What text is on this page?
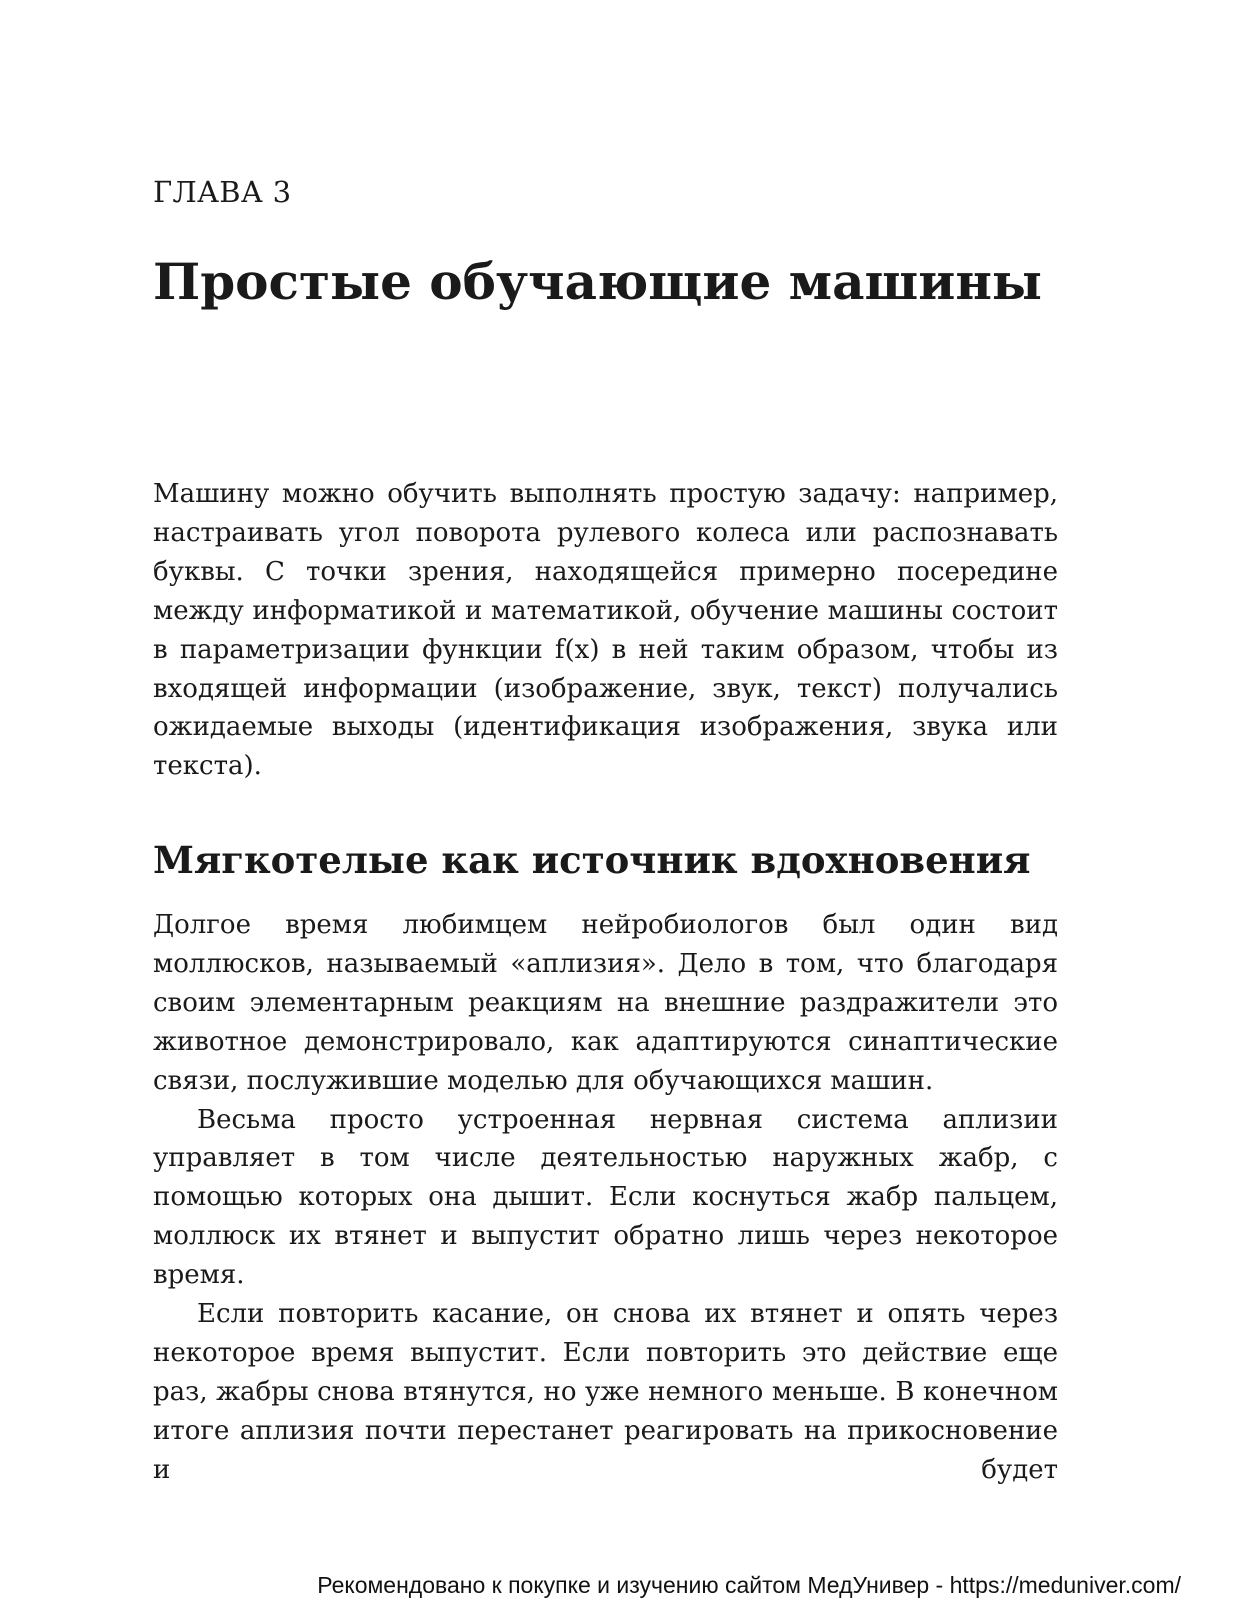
ГЛАВА 3
Простые обучающие машины

Машину можно обучить выполнять простую задачу: например, настраивать угол поворота рулевого колеса или распознавать буквы. С точки зрения, находящейся примерно посередине между информатикой и математикой, обучение машины состоит в параметризации функции f(x) в ней таким образом, чтобы из входящей информации (изображение, звук, текст) получались ожидаемые выходы (идентификация изображения, звука или текста).

Мягкотелые как источник вдохновения

Долгое время любимцем нейробиологов был один вид моллюсков, называемый «аплизия». Дело в том, что благодаря своим элементарным реакциям на внешние раздражители это животное демонстрировало, как адаптируются синаптические связи, послужившие моделью для обучающихся машин.

Весьма просто устроенная нервная система аплизии управляет в том числе деятельностью наружных жабр, с помощью которых она дышит. Если коснуться жабр пальцем, моллюск их втянет и выпустит обратно лишь через некоторое время.

Если повторить касание, он снова их втянет и опять через некоторое время выпустит. Если повторить это действие еще раз, жабры снова втянутся, но уже немного меньше. В конечном итоге аплизия почти перестанет реагировать на прикосновение и будет

Рекомендовано к покупке и изучению сайтом МедУнивер - https://meduniver.com/
